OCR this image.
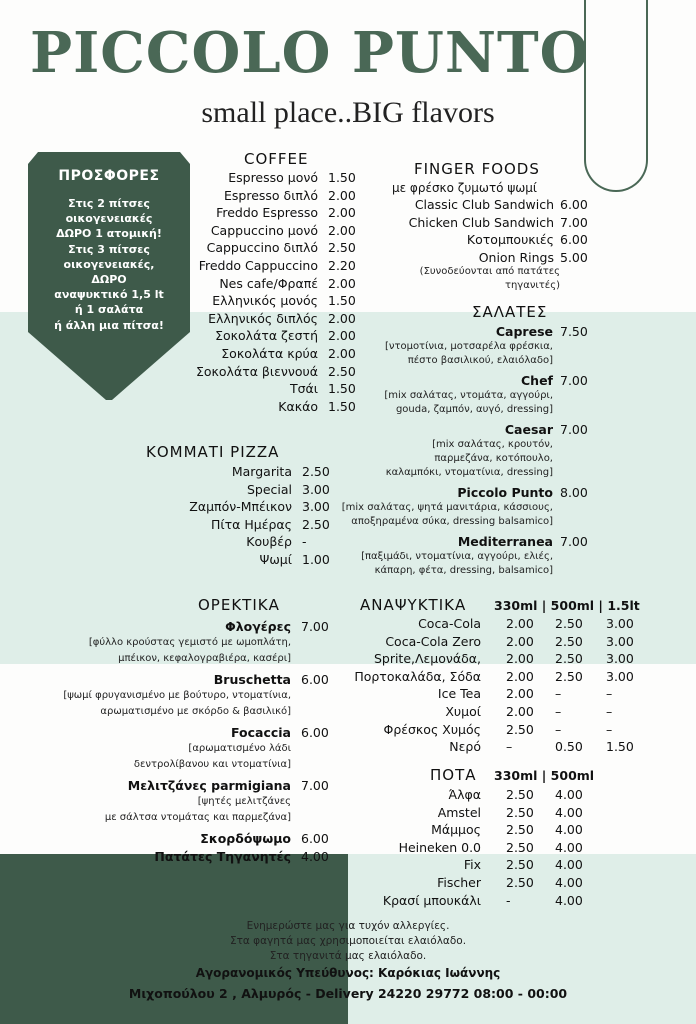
PICCOLO PUNTO
small place..BIG flavors
ΠΡΟΣΦΟΡΕΣ
Στις 2 πίτσες
οικογενειακές
ΔΩΡΟ 1 ατομική!
Στις 3 πίτσες
οικογενειακές,
ΔΩΡΟ
αναψυκτικό 1,5 lt
ή 1 σαλάτα
ή άλλη μια πίτσα!
COFFEE
Espresso μονό 1.50
Espresso διπλό 2.00
Freddo Espresso 2.00
Cappuccino μονό 2.00
Cappuccino διπλό 2.50
Freddo Cappuccino 2.20
Nes cafe/Φραπέ 2.00
Ελληνικός μονός 1.50
Ελληνικός διπλός 2.00
Σοκολάτα ζεστή 2.00
Σοκολάτα κρύα 2.00
Σοκολάτα βιεννουά 2.50
Τσάι 1.50
Κακάο 1.50
ΚΟΜΜΑΤΙ PIZZA
Margarita 2.50
Special 3.00
Ζαμπόν-Μπέικον 3.00
Πίτα Ημέρας 2.50
Κουβέρ -
Ψωμί 1.00
FINGER FOODS
με φρέσκο ζυμωτό ψωμί
Classic Club Sandwich 6.00
Chicken Club Sandwich 7.00
Κοτομπουκιές 6.00
Onion Rings 5.00
(Συνοδεύονται από πατάτες
τηγανιτές)
ΣΑΛΑΤΕΣ
Caprese 7.50
[ντομοτίνια, μοτσαρέλα φρέσκια,
πέστο βασιλικού, ελαιόλαδο]
Chef 7.00
[mix σαλάτας, ντομάτα, αγγούρι,
gouda, ζαμπόν, αυγό, dressing]
Caesar 7.00
[mix σαλάτας, κρουτόν,
παρμεζάνα, κοτόπουλο,
καλαμπόκι, ντοματίνια, dressing]
Piccolo Punto 8.00
[mix σαλάτας, ψητά μανιτάρια, κάσσιους,
αποξηραμένα σύκα, dressing balsamico]
Mediterranea 7.00
[παξιμάδι, ντοματίνια, αγγούρι, ελιές,
κάπαρη, φέτα, dressing, balsamico]
ΟΡΕΚΤΙΚΑ
Φλογέρες 7.00
[φύλλο κρούστας γεμιστό με ωμοπλάτη,
μπέικον, κεφαλογραβιέρα, κασέρι]
Bruschetta 6.00
[ψωμί φρυγανισμένο με βούτυρο, ντοματίνια,
αρωματισμένο με σκόρδο & βασιλικό]
Focaccia 6.00
[αρωματισμένο λάδι
δεντρολίβανου και ντοματίνια]
Μελιτζάνες parmigiana 7.00
[ψητές μελιτζάνες
με σάλτσα ντομάτας και παρμεζάνα]
Σκορδόψωμο 6.00
Πατάτες Τηγανητές 4.00
ΑΝΑΨΥΚΤΙΚΑ 330ml | 500ml | 1.5lt
Coca-Cola 2.00 2.50 3.00
Coca-Cola Zero 2.00 2.50 3.00
Sprite,Λεμονάδα, 2.00 2.50 3.00
Πορτοκαλάδα, Σόδα 2.00 2.50 3.00
Ice Tea 2.00 –	–
Χυμοί 2.00 –	–
Φρέσκος Χυμός 2.50 –	–
Νερό –	0.50 1.50
ΠΟΤΑ 330ml | 500ml
Άλφα 2.50 4.00
Amstel 2.50 4.00
Μάμμος 2.50 4.00
Heineken 0.0 2.50 4.00
Fix 2.50 4.00
Fischer 2.50 4.00
Κρασί μπουκάλι -	4.00
Ενημερώστε μας για τυχόν αλλεργίες.
Στα φαγητά μας χρησιμοποιείται ελαιόλαδο.
Στα τηγανιτά μας ελαιόλαδο.
Αγορανομικός Υπεύθυνος: Καρόκιας Ιωάννης
Μιχοπούλου 2 , Αλμυρός - Delivery 24220 29772 08:00 - 00:00
